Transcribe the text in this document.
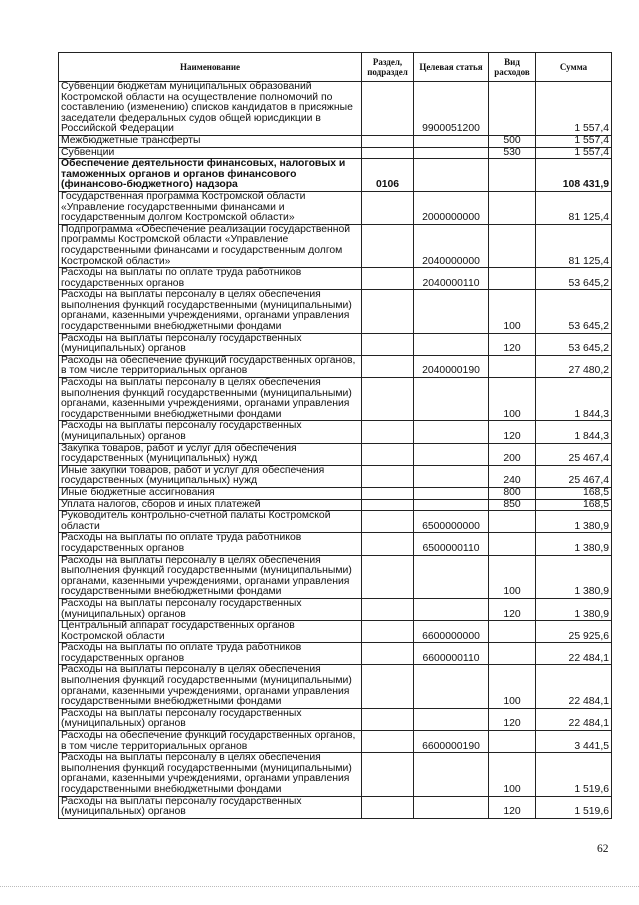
Наименование	Раздел, подраздел	Целевая статья	Вид расходов	Сумма
Субвенции бюджетам муниципальных образований Костромской области на осуществление полномочий по составлению (изменению) списков кандидатов в присяжные заседатели федеральных судов общей юрисдикции в Российской Федерации		9900051200		1 557,4
Межбюджетные трансферты			500	1 557,4
Субвенции			530	1 557,4
Обеспечение деятельности финансовых, налоговых и таможенных органов и органов финансового (финансово-бюджетного) надзора	0106			108 431,9
Государственная программа Костромской области «Управление государственными финансами и государственным долгом Костромской области»		2000000000		81 125,4
Подпрограмма «Обеспечение реализации государственной программы Костромской области «Управление государственными финансами и государственным долгом Костромской области»		2040000000		81 125,4
Расходы на выплаты по оплате труда работников государственных органов		2040000110		53 645,2
Расходы на выплаты персоналу в целях обеспечения выполнения функций государственными (муниципальными) органами, казенными учреждениями, органами управления государственными внебюджетными фондами			100	53 645,2
Расходы на выплаты персоналу государственных (муниципальных) органов			120	53 645,2
Расходы на обеспечение функций государственных органов, в том числе территориальных органов		2040000190		27 480,2
Расходы на выплаты персоналу в целях обеспечения выполнения функций государственными (муниципальными) органами, казенными учреждениями, органами управления государственными внебюджетными фондами			100	1 844,3
Расходы на выплаты персоналу государственных (муниципальных) органов			120	1 844,3
Закупка товаров, работ и услуг для обеспечения государственных (муниципальных) нужд			200	25 467,4
Иные закупки товаров, работ и услуг для обеспечения государственных (муниципальных) нужд			240	25 467,4
Иные бюджетные ассигнования			800	168,5
Уплата налогов, сборов и иных платежей			850	168,5
Руководитель контрольно-счетной палаты Костромской области		6500000000		1 380,9
Расходы на выплаты по оплате труда работников государственных органов		6500000110		1 380,9
Расходы на выплаты персоналу в целях обеспечения выполнения функций государственными (муниципальными) органами, казенными учреждениями, органами управления государственными внебюджетными фондами			100	1 380,9
Расходы на выплаты персоналу государственных (муниципальных) органов			120	1 380,9
Центральный аппарат государственных органов Костромской области		6600000000		25 925,6
Расходы на выплаты по оплате труда работников государственных органов		6600000110		22 484,1
Расходы на выплаты персоналу в целях обеспечения выполнения функций государственными (муниципальными) органами, казенными учреждениями, органами управления государственными внебюджетными фондами			100	22 484,1
Расходы на выплаты персоналу государственных (муниципальных) органов			120	22 484,1
Расходы на обеспечение функций государственных органов, в том числе территориальных органов		6600000190		3 441,5
Расходы на выплаты персоналу в целях обеспечения выполнения функций государственными (муниципальными) органами, казенными учреждениями, органами управления государственными внебюджетными фондами			100	1 519,6
Расходы на выплаты персоналу государственных (муниципальных) органов			120	1 519,6
62
